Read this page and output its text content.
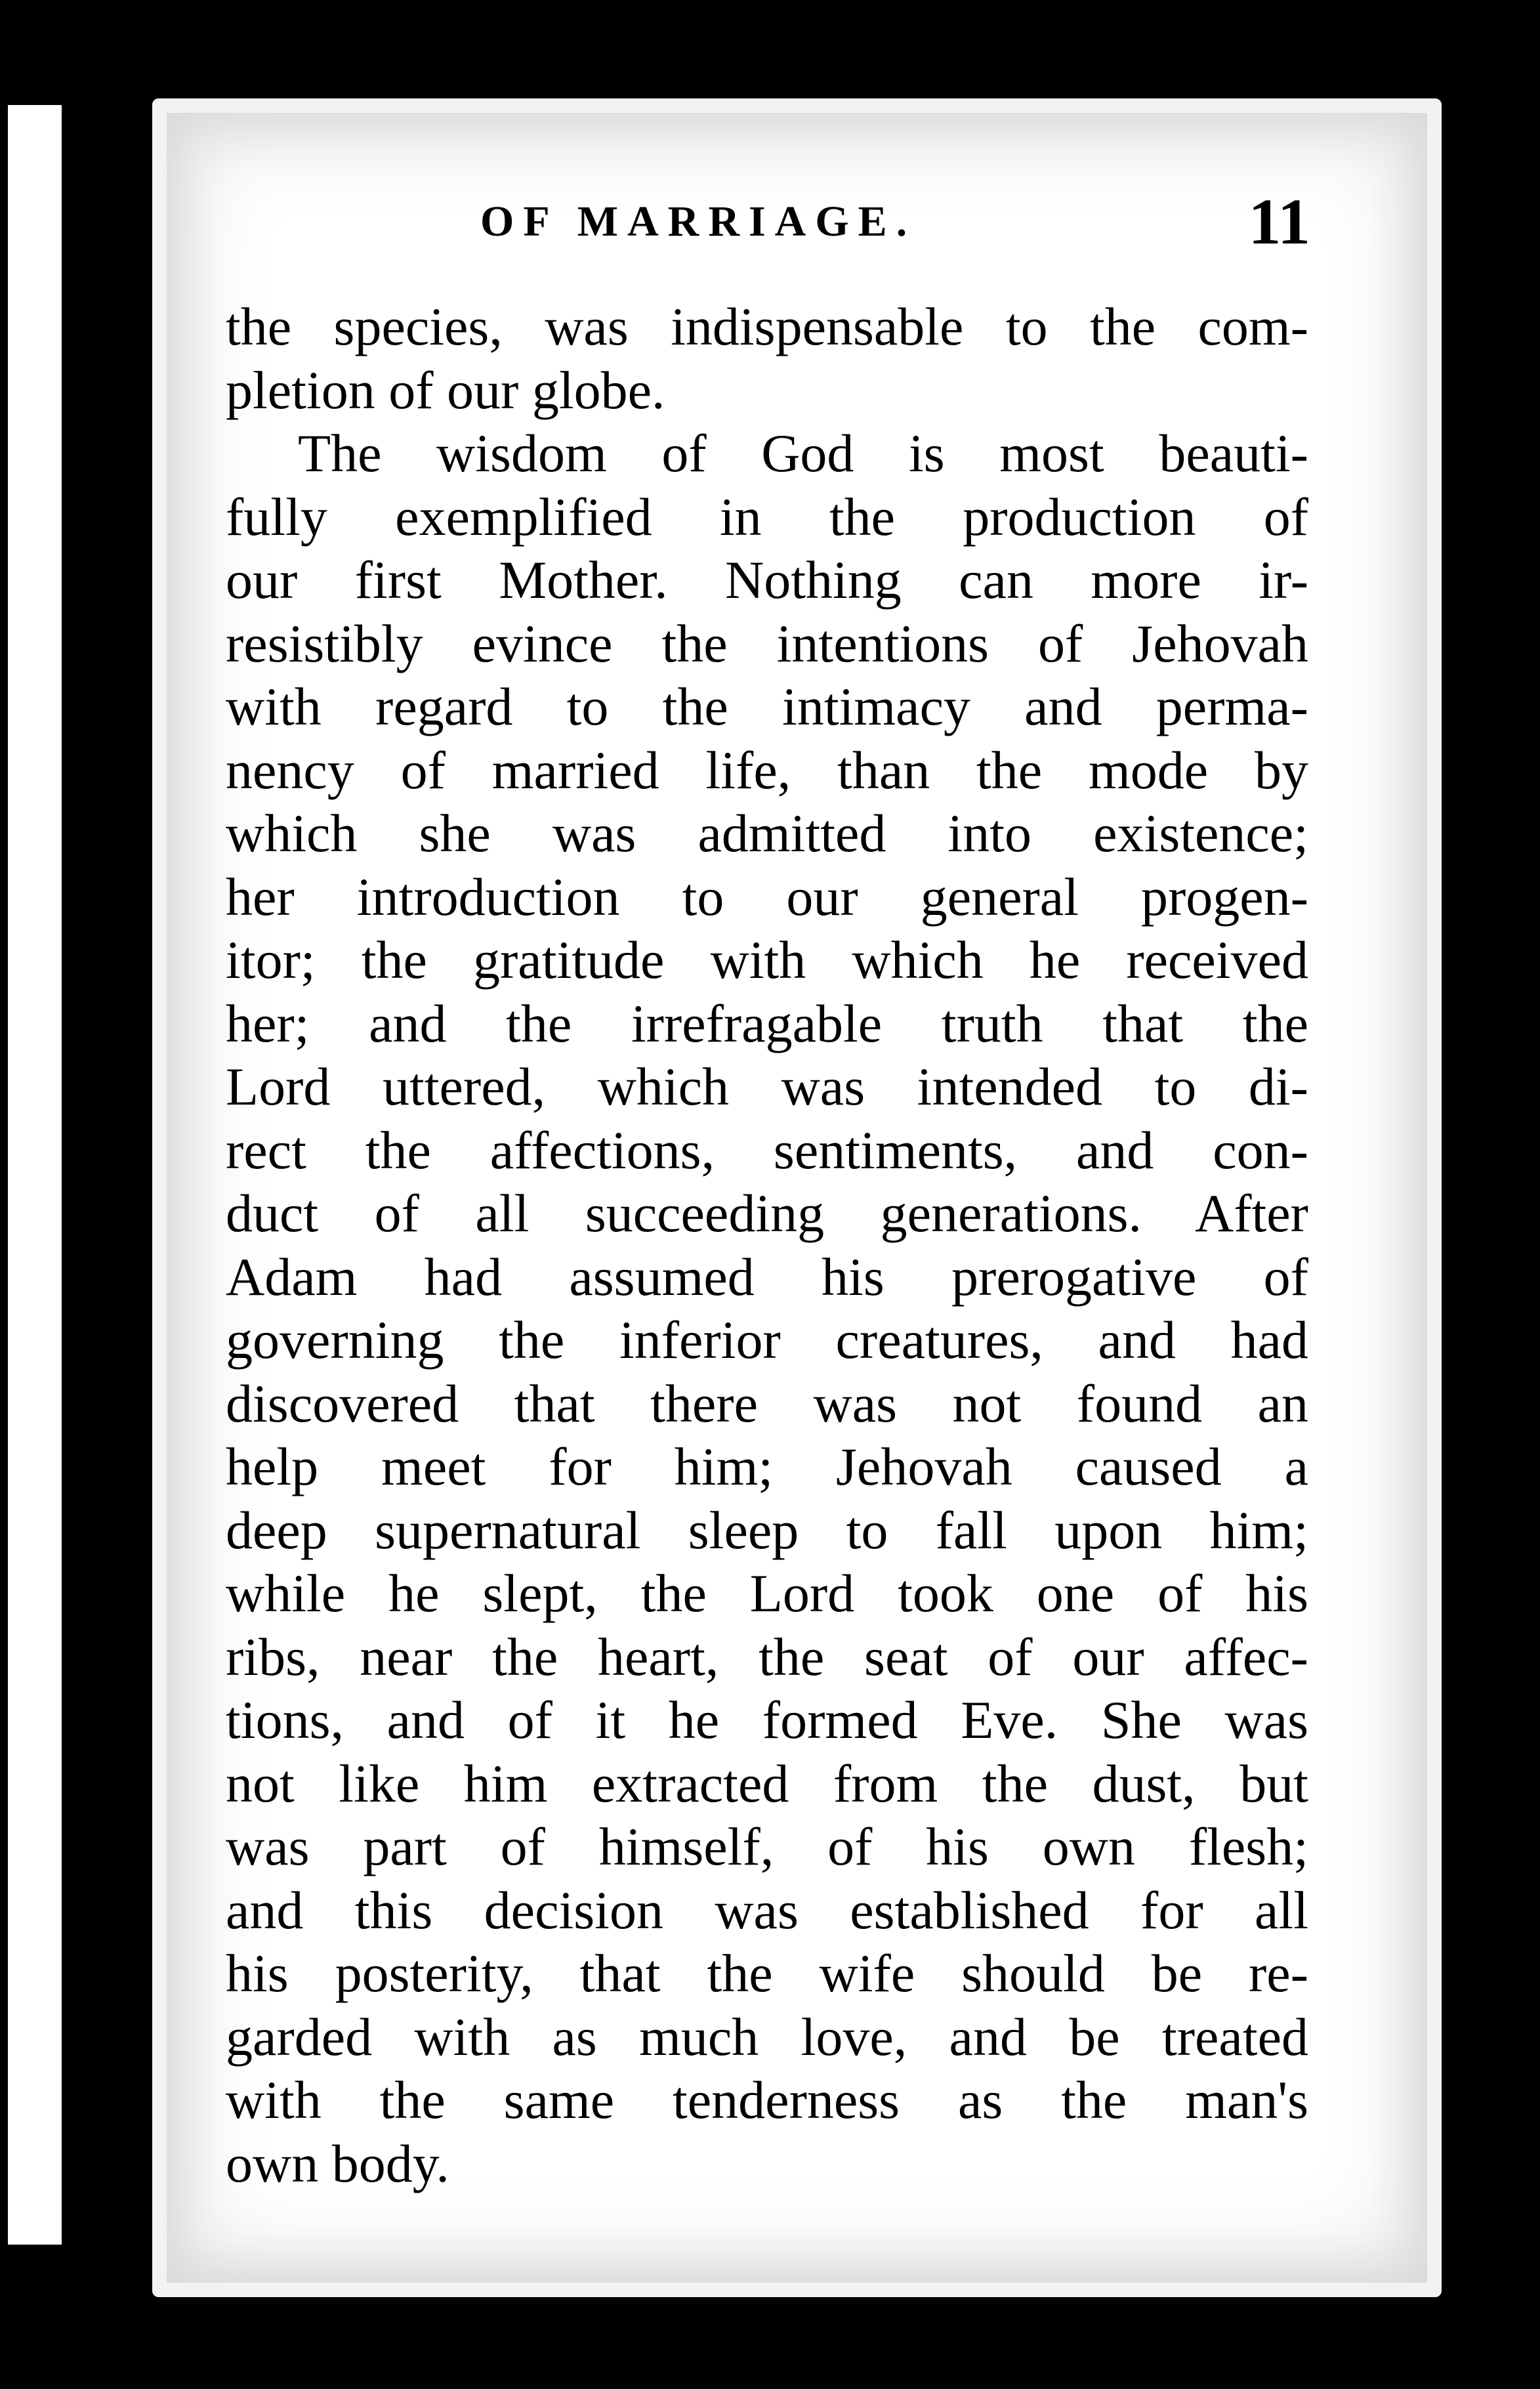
OF MARRIAGE.	11
the species, was indispensable to the com-
pletion of our globe.
The wisdom of God is most beauti-
fully exemplified in the production of
our first Mother. Nothing can more ir-
resistibly evince the intentions of Jehovah
with regard to the intimacy and perma-
nency of married life, than the mode by
which she was admitted into existence;
her introduction to our general progen-
itor; the gratitude with which he received
her; and the irrefragable truth that the
Lord uttered, which was intended to di-
rect the affections, sentiments, and con-
duct of all succeeding generations. After
Adam had assumed his prerogative of
governing the inferior creatures, and had
discovered that there was not found an
help meet for him; Jehovah caused a
deep supernatural sleep to fall upon him;
while he slept, the Lord took one of his
ribs, near the heart, the seat of our affec-
tions, and of it he formed Eve. She was
not like him extracted from the dust, but
was part of himself, of his own flesh;
and this decision was established for all
his posterity, that the wife should be re-
garded with as much love, and be treated
with the same tenderness as the man's
own body.
